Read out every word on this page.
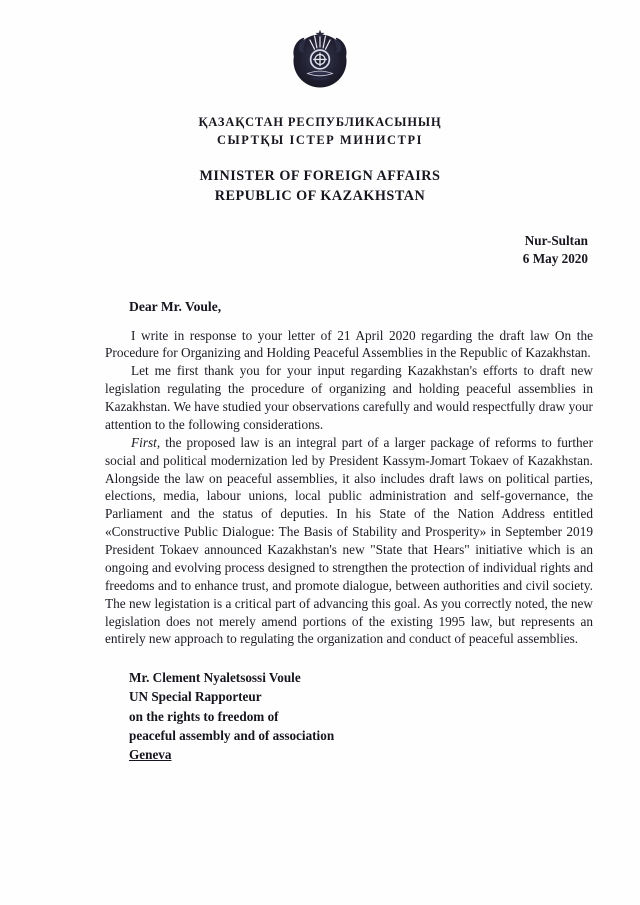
ҚАЗАҚСТАН РЕСПУБЛИКАСЫНЫҢ
СЫРТҚЫ ІСТЕР МИНИСТРІ
MINISTER OF FOREIGN AFFAIRS
REPUBLIC OF KAZAKHSTAN
Nur-Sultan
6 May 2020
Dear Mr. Voule,

I write in response to your letter of 21 April 2020 regarding the draft law On the Procedure for Organizing and Holding Peaceful Assemblies in the Republic of Kazakhstan.

Let me first thank you for your input regarding Kazakhstan's efforts to draft new legislation regulating the procedure of organizing and holding peaceful assemblies in Kazakhstan. We have studied your observations carefully and would respectfully draw your attention to the following considerations.

First, the proposed law is an integral part of a larger package of reforms to further social and political modernization led by President Kassym-Jomart Tokaev of Kazakhstan. Alongside the law on peaceful assemblies, it also includes draft laws on political parties, elections, media, labour unions, local public administration and self-governance, the Parliament and the status of deputies. In his State of the Nation Address entitled «Constructive Public Dialogue: The Basis of Stability and Prosperity» in September 2019 President Tokaev announced Kazakhstan's new "State that Hears" initiative which is an ongoing and evolving process designed to strengthen the protection of individual rights and freedoms and to enhance trust, and promote dialogue, between authorities and civil society. The new legistation is a critical part of advancing this goal. As you correctly noted, the new legislation does not merely amend portions of the existing 1995 law, but represents an entirely new approach to regulating the organization and conduct of peaceful assemblies.

Mr. Clement Nyaletsossi Voule
UN Special Rapporteur
on the rights to freedom of
peaceful assembly and of association
Geneva
